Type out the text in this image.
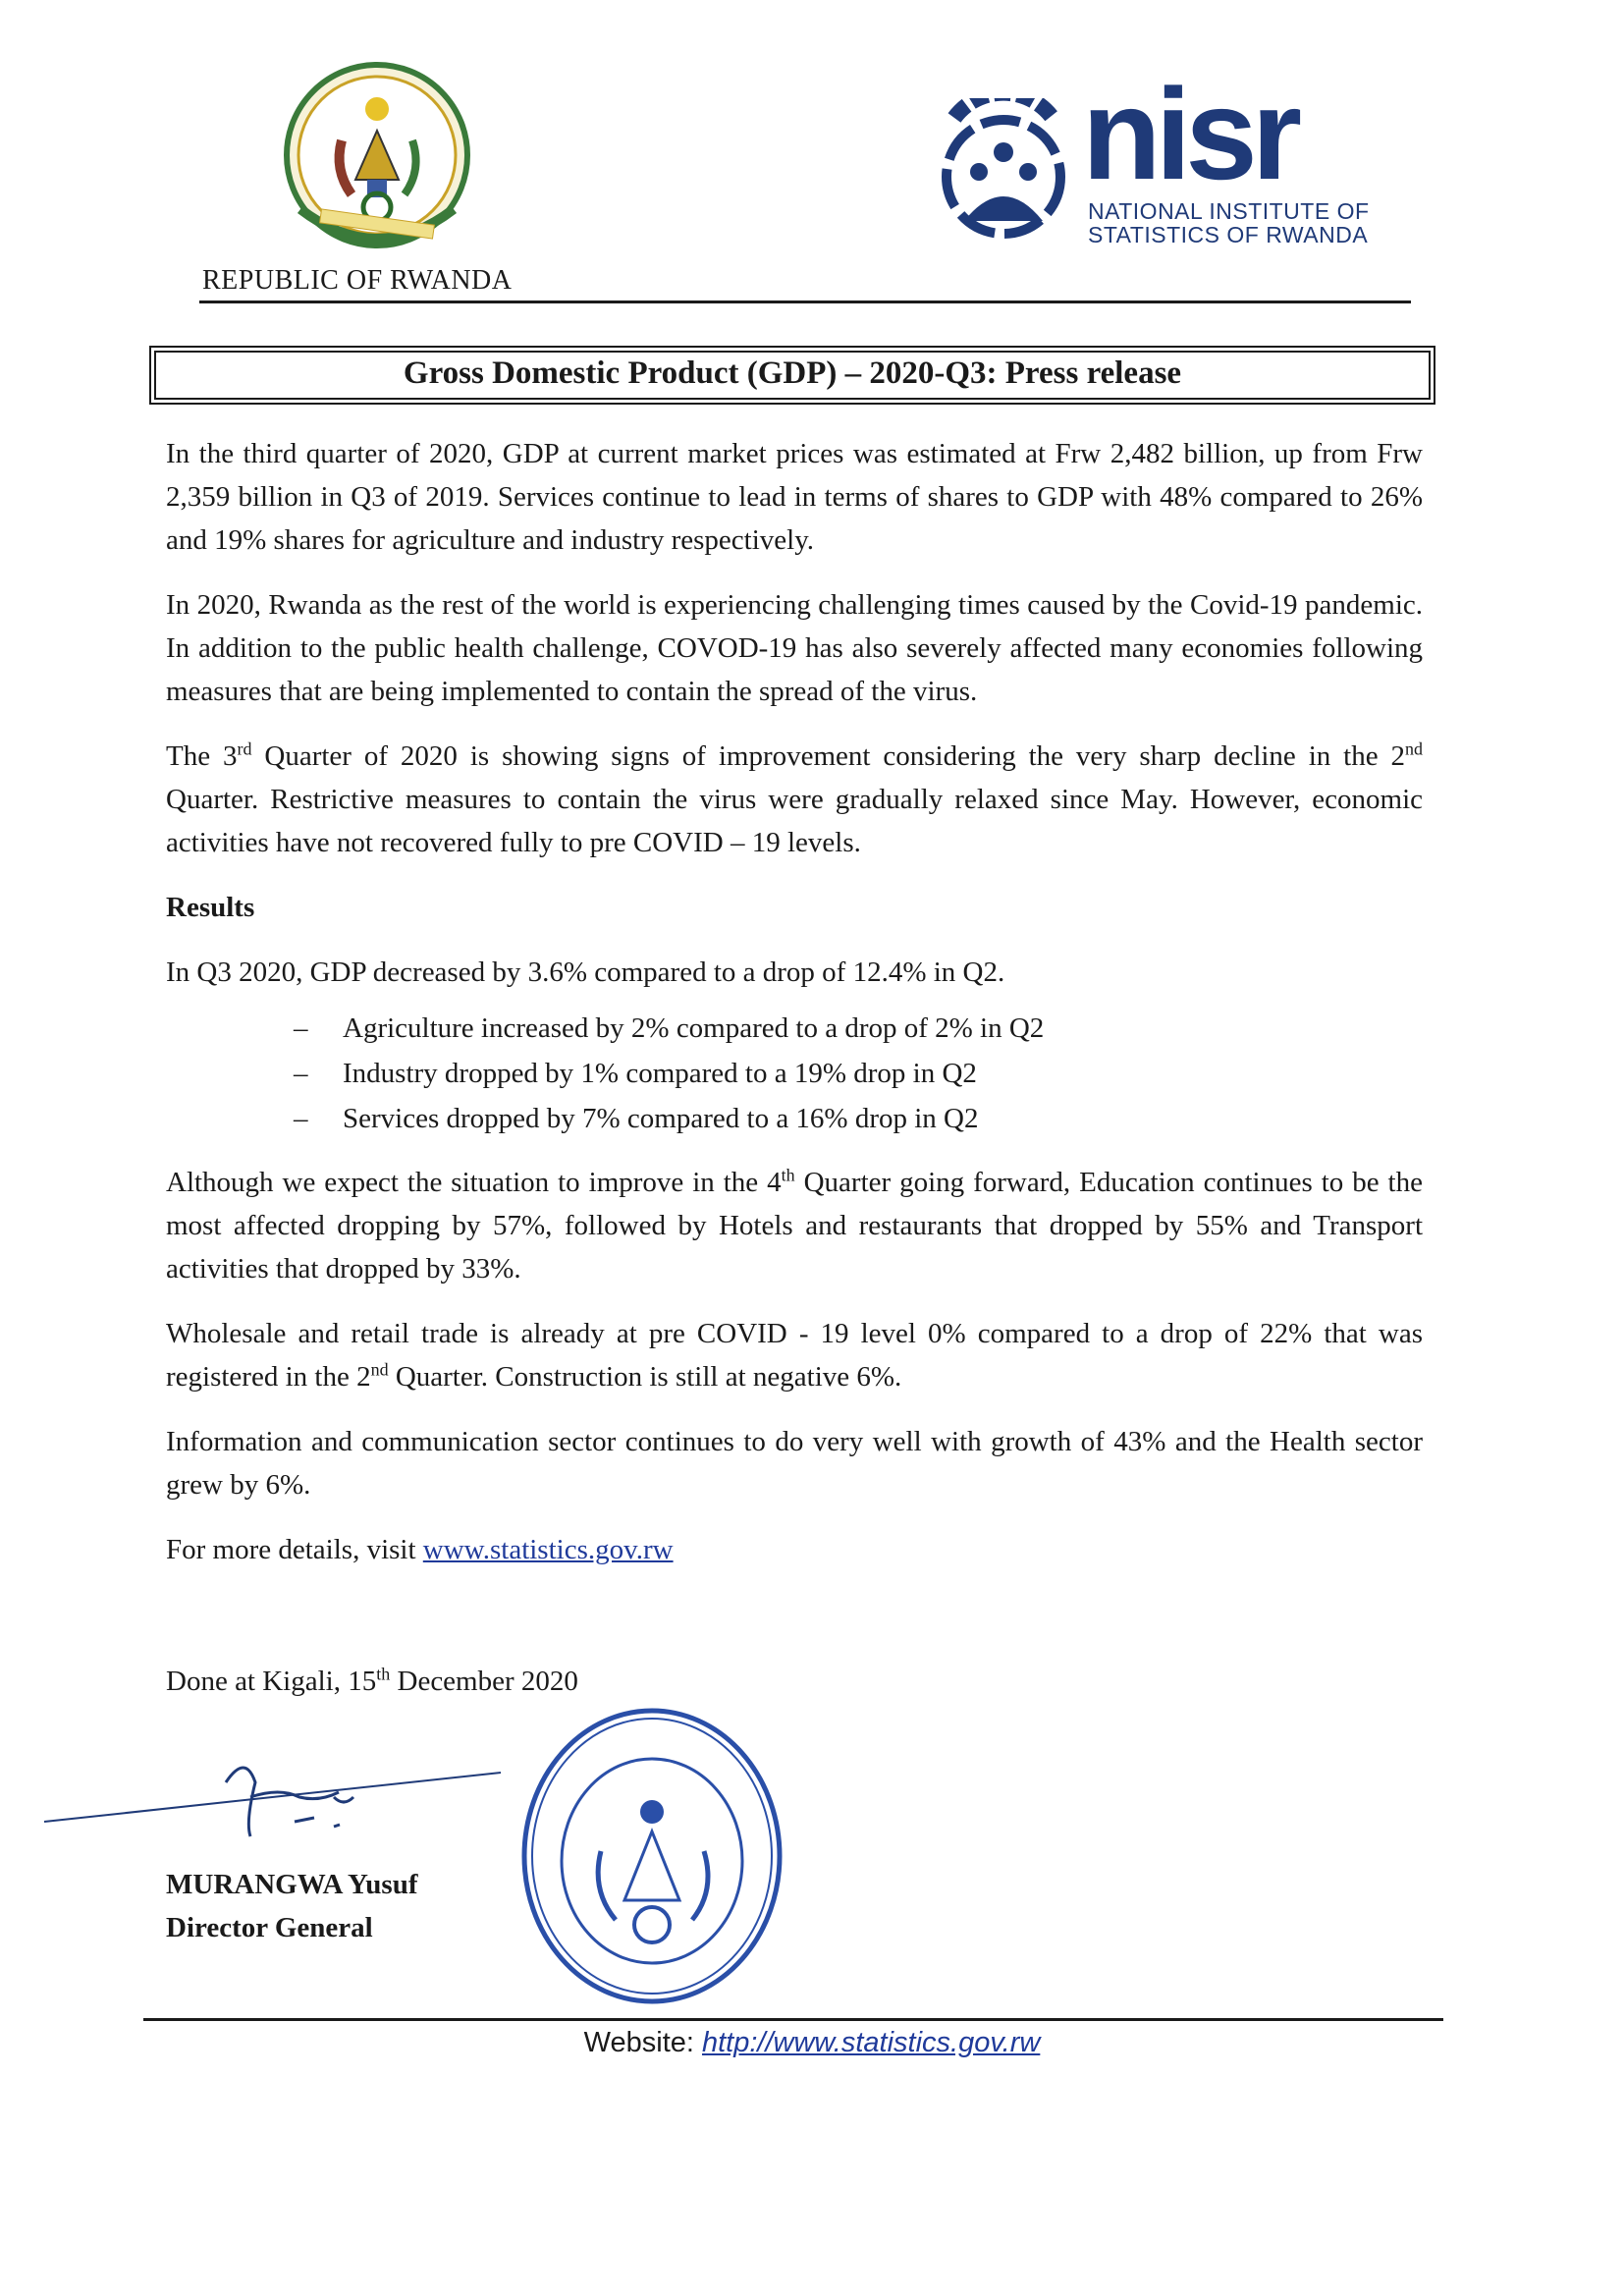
REPUBLIC OF RWANDA
nisr
NATIONAL INSTITUTE OF
STATISTICS OF RWANDA
Gross Domestic Product (GDP) – 2020-Q3: Press release

In the third quarter of 2020, GDP at current market prices was estimated at Frw 2,482 billion, up from Frw 2,359 billion in Q3 of 2019. Services continue to lead in terms of shares to GDP with 48% compared to 26% and 19% shares for agriculture and industry respectively.

In 2020, Rwanda as the rest of the world is experiencing challenging times caused by the Covid-19 pandemic. In addition to the public health challenge, COVOD-19 has also severely affected many economies following measures that are being implemented to contain the spread of the virus.

The 3rd Quarter of 2020 is showing signs of improvement considering the very sharp decline in the 2nd Quarter. Restrictive measures to contain the virus were gradually relaxed since May. However, economic activities have not recovered fully to pre COVID – 19 levels.

Results

In Q3 2020, GDP decreased by 3.6% compared to a drop of 12.4% in Q2.

– Agriculture increased by 2% compared to a drop of 2% in Q2
– Industry dropped by 1% compared to a 19% drop in Q2
– Services dropped by 7% compared to a 16% drop in Q2

Although we expect the situation to improve in the 4th Quarter going forward, Education continues to be the most affected dropping by 57%, followed by Hotels and restaurants that dropped by 55% and Transport activities that dropped by 33%.

Wholesale and retail trade is already at pre COVID - 19 level 0% compared to a drop of 22% that was registered in the 2nd Quarter. Construction is still at negative 6%.

Information and communication sector continues to do very well with growth of 43% and the Health sector grew by 6%.

For more details, visit www.statistics.gov.rw

Done at Kigali, 15th December 2020
MURANGWA Yusuf
Director General
Website: http://www.statistics.gov.rw
